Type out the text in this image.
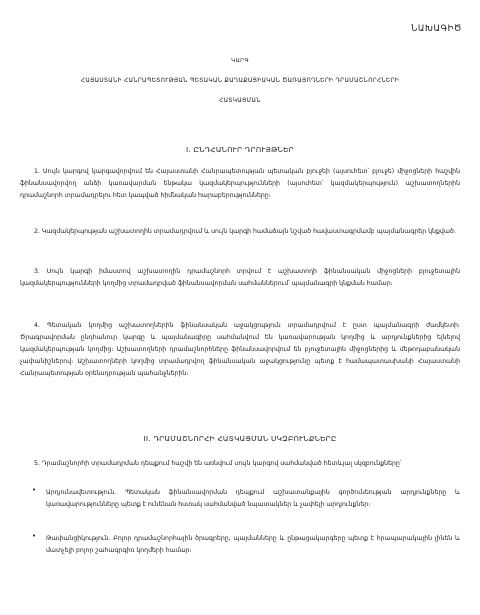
ՆԱԽԱԳԻԾ
ԿԱՐԳ
ՀԱՅԱՍՏԱՆԻ ՀԱՆՐԱՊԵՏՈՒԹՅԱՆ ՊԵՏԱԿԱՆ ՔԱՂԱՔԱՑԻԱԿԱՆ ԾԱՌԱՅՈՂՆԵՐԻ ԴՐԱՄԱՇՆՈՐՀՆԵՐԻ
ՀԱՏԿԱՑՄԱՆ
I. ԸՆԴՀԱՆՈՒՐ ԴՐՈՒՅԹՆԵՐ

1. Սույն կարգով կարգավորվում են Հայաստանի Հանրապետության պետական բյուջեի (այսուհետ՝ բյուջե) միջոցների հաշվին ֆինանսավորվող անձի կառավարման ենթակա կազմակերպությունների (այսուհետ՝ կազմակերպություն) աշխատողներին դրամաշնորհ տրամադրելու հետ կապված հիմնական հարաբերությունները։

2. Կազմակերպության աշխատողին տրամադրվում և սույն կարգի համաձայն նշված հավաստագրմամբ պայմանագրեր կնքված։

3. Սույն կարգի իմաստով աշխատողին դրամաշնորհ տրվում է աշխատողի ֆինանսական միջոցների բյուջետային կազմակերպությունների կողմից տրամադրված ֆինանսավորման սահմաններում՝ պայմանագրի կնքման համար։

4. Պետական կողմից աշխատողներին ֆինանսական աջակցություն տրամադրվում է ըստ պայմանագրի ժամկետի։ Ծրագրավորման ընդհանուր կարգը և պայմանագիրը սահմանվում են կառավարության կողմից և արդյունքներից ելնելով կազմակերպության կողմից։ Աշխատողների դրամաշնորհները ֆինանսավորվում են բյուջետային միջոցներից և մեթոդաբանական չափանիշներով։ Աշխատողների կողմից տրամադրվող ֆինանսական աջակցությունը պետք է համապատասխանի Հայաստանի Հանրապետության օրենսդրության պահանջներին։

II. ԴՐԱՄԱՇՆՈՐՀԻ ՀԱՏԿԱՑՄԱՆ ՍԿԶԲՈՒՆՔՆԵՐԸ

5. Դրամաշնորհի տրամադրման դեպքում հաշվի են առնվում սույն կարգով սահմանված հետևյալ սկզբունքները՝

• Արդյունավետություն․ Պետական ֆինանսավորման դեպքում աշխատանքային գործունեության արդյունքները և կառավարությունները պետք է ունենան հստակ սահմանված նպատակներ և չափելի արդյունքներ։

• Թափանցիկություն․ Բոլոր դրամաշնորհային ծրագրերը, պայմանները և ընթացակարգերը պետք է հրապարակային լինեն և մատչելի բոլոր շահագրգիռ կողմերի համար։
